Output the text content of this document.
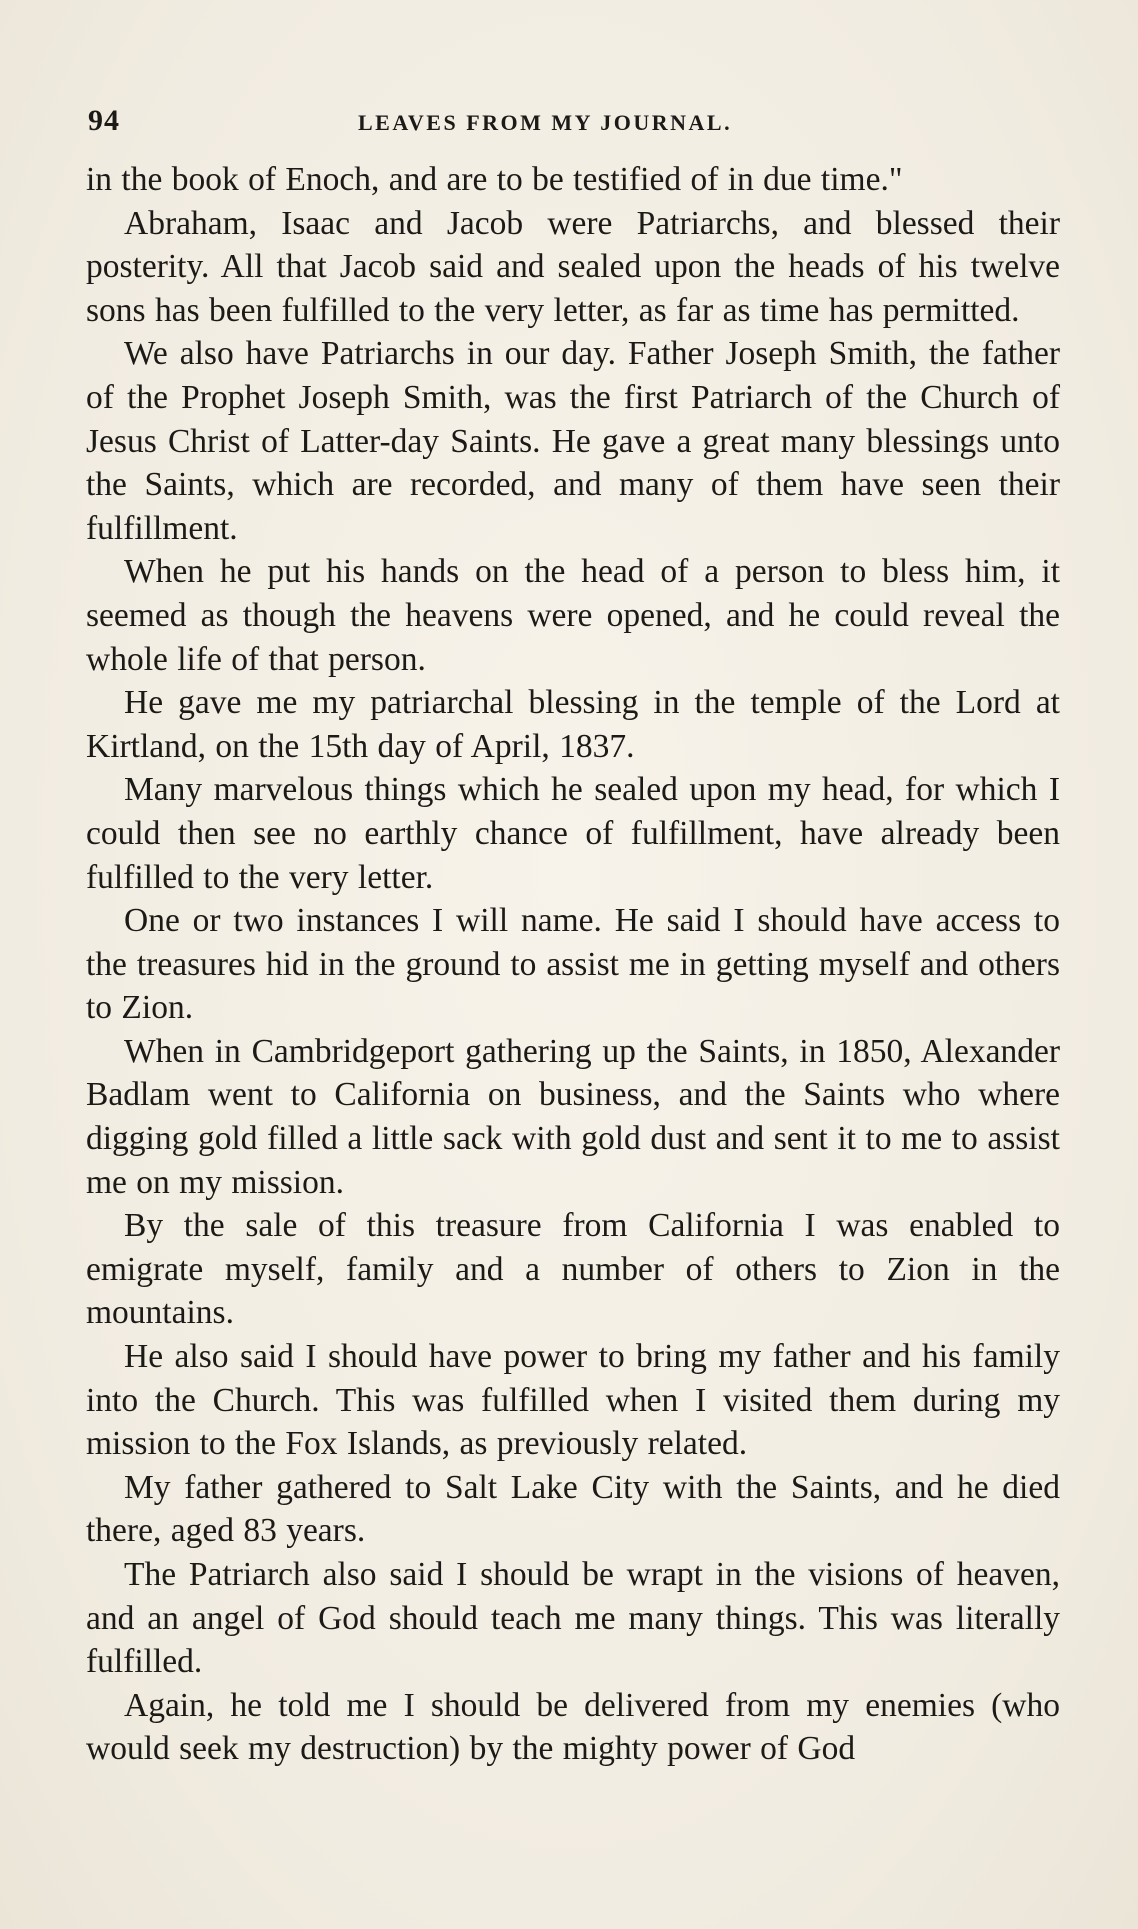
94	LEAVES FROM MY JOURNAL.

in the book of Enoch, and are to be testified of in due time."

Abraham, Isaac and Jacob were Patriarchs, and blessed their posterity. All that Jacob said and sealed upon the heads of his twelve sons has been fulfilled to the very letter, as far as time has permitted.

We also have Patriarchs in our day. Father Joseph Smith, the father of the Prophet Joseph Smith, was the first Patriarch of the Church of Jesus Christ of Latter-day Saints. He gave a great many blessings unto the Saints, which are recorded, and many of them have seen their fulfillment.

When he put his hands on the head of a person to bless him, it seemed as though the heavens were opened, and he could reveal the whole life of that person.

He gave me my patriarchal blessing in the temple of the Lord at Kirtland, on the 15th day of April, 1837.

Many marvelous things which he sealed upon my head, for which I could then see no earthly chance of fulfillment, have already been fulfilled to the very letter.

One or two instances I will name. He said I should have access to the treasures hid in the ground to assist me in getting myself and others to Zion.

When in Cambridgeport gathering up the Saints, in 1850, Alexander Badlam went to California on business, and the Saints who where digging gold filled a little sack with gold dust and sent it to me to assist me on my mission.

By the sale of this treasure from California I was enabled to emigrate myself, family and a number of others to Zion in the mountains.

He also said I should have power to bring my father and his family into the Church. This was fulfilled when I visited them during my mission to the Fox Islands, as previously related.

My father gathered to Salt Lake City with the Saints, and he died there, aged 83 years.

The Patriarch also said I should be wrapt in the visions of heaven, and an angel of God should teach me many things. This was literally fulfilled.

Again, he told me I should be delivered from my enemies (who would seek my destruction) by the mighty power of God
